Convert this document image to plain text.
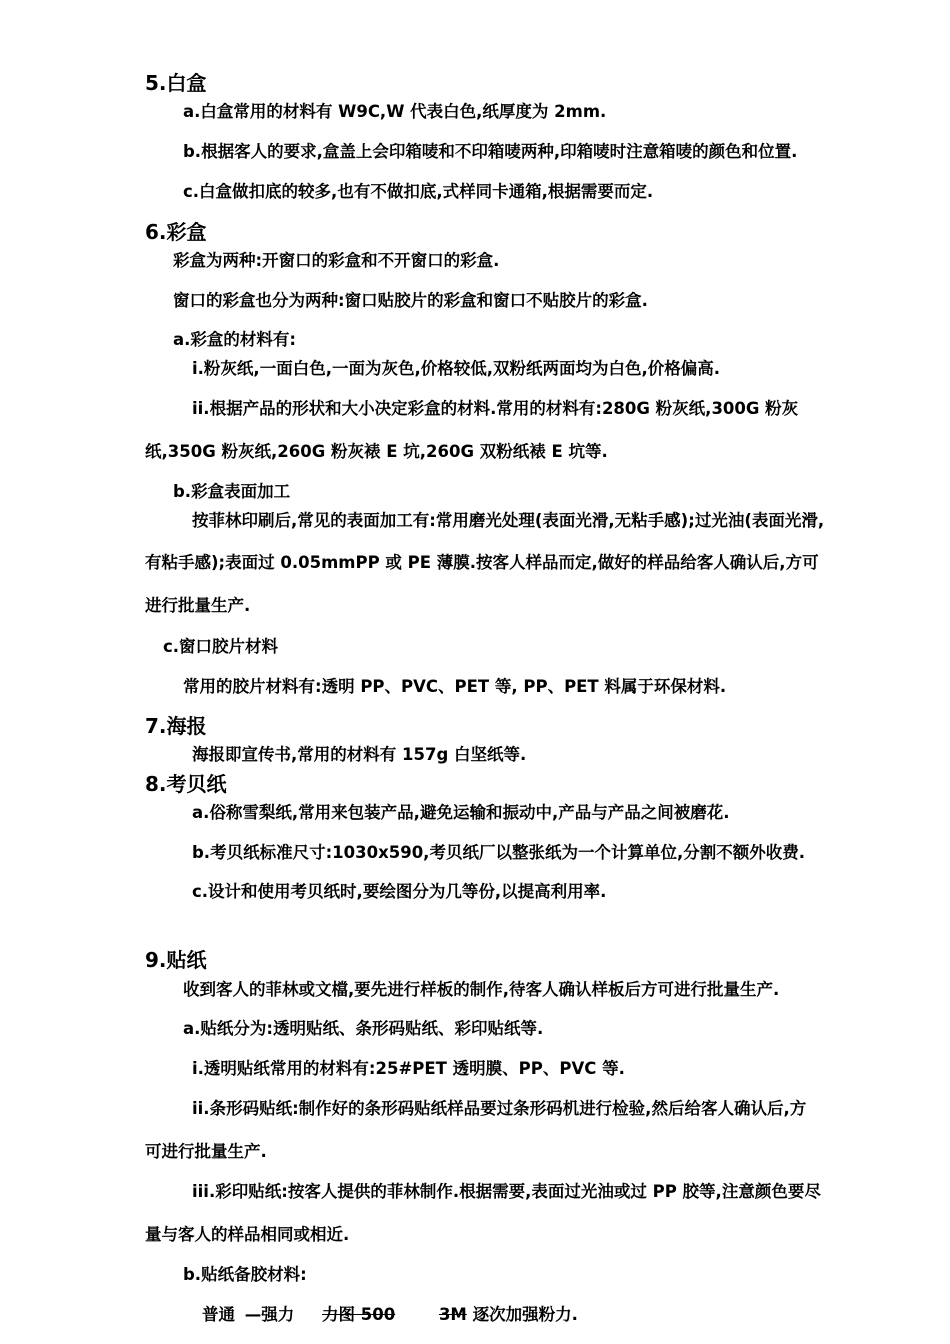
5.白盒
a.白盒常用的材料有 W9C,W 代表白色,纸厚度为 2mm.
b.根据客人的要求,盒盖上会印箱唛和不印箱唛两种,印箱唛时注意箱唛的颜色和位置.
c.白盒做扣底的较多,也有不做扣底,式样同卡通箱,根据需要而定.
6.彩盒
彩盒为两种:开窗口的彩盒和不开窗口的彩盒.
窗口的彩盒也分为两种:窗口贴胶片的彩盒和窗口不贴胶片的彩盒.
a.彩盒的材料有:
i.粉灰纸,一面白色,一面为灰色,价格较低,双粉纸两面均为白色,价格偏高.
ii.根据产品的形状和大小决定彩盒的材料.常用的材料有:280G 粉灰纸,300G 粉灰
纸,350G 粉灰纸,260G 粉灰裱 E 坑,260G 双粉纸裱 E 坑等.
b.彩盒表面加工
按菲林印刷后,常见的表面加工有:常用磨光处理(表面光滑,无粘手感);过光油(表面光滑,
有粘手感);表面过 0.05mmPP 或 PE 薄膜.按客人样品而定,做好的样品给客人确认后,方可
进行批量生产.
c.窗口胶片材料
常用的胶片材料有:透明 PP、PVC、PET 等, PP、PET 料属于环保材料.
7.海报
海报即宣传书,常用的材料有 157g 白坚纸等.
8.考贝纸
a.俗称雪梨纸,常用来包装产品,避免运输和振动中,产品与产品之间被磨花.
b.考贝纸标准尺寸:1030x590,考贝纸厂以整张纸为一个计算单位,分割不额外收费.
c.设计和使用考贝纸时,要绘图分为几等份,以提高利用率.
9.贴纸
收到客人的菲林或文檔,要先进行样板的制作,待客人确认样板后方可进行批量生产.
a.贴纸分为:透明贴纸、条形码贴纸、彩印贴纸等.
i.透明贴纸常用的材料有:25#PET 透明膜、PP、PVC 等.
ii.条形码贴纸:制作好的条形码贴纸样品要过条形码机进行检验,然后给客人确认后,方
可进行批量生产.
iii.彩印贴纸:按客人提供的菲林制作.根据需要,表面过光油或过 PP 胶等,注意颜色要尽
量与客人的样品相同或相近.
b.贴纸备胶材料:
普通 —强力 力图 500	3M 逐次加强粉力.
